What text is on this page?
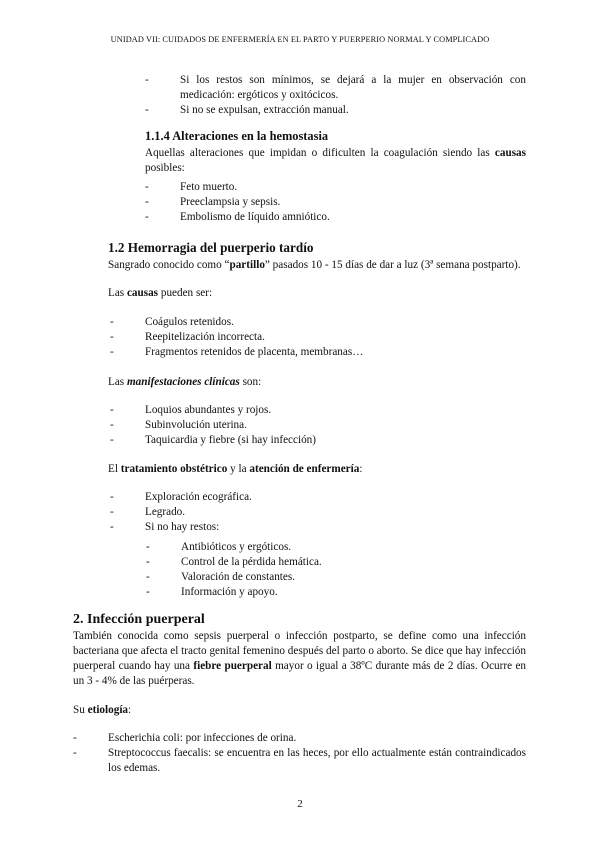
UNIDAD VII: CUIDADOS DE ENFERMERÍA EN EL PARTO Y PUERPERIO NORMAL Y COMPLICADO
-	Si los restos son mínimos, se dejará a la mujer en observación con medicación: ergóticos y oxitócicos.
-	Si no se expulsan, extracción manual.
1.1.4 Alteraciones en la hemostasia
Aquellas alteraciones que impidan o dificulten la coagulación siendo las causas posibles:
-	Feto muerto.
-	Preeclampsia y sepsis.
-	Embolismo de líquido amniótico.
1.2 Hemorragia del puerperio tardío
Sangrado conocido como “partillo” pasados 10 - 15 días de dar a luz (3ª semana postparto).
Las causas pueden ser:
-	Coágulos retenidos.
-	Reepitelización incorrecta.
-	Fragmentos retenidos de placenta, membranas…
Las manifestaciones clínicas son:
-	Loquios abundantes y rojos.
-	Subinvolución uterina.
-	Taquicardia y fiebre (si hay infección)
El tratamiento obstétrico y la atención de enfermería:
-	Exploración ecográfica.
-	Legrado.
-	Si no hay restos:
-	Antibióticos y ergóticos.
-	Control de la pérdida hemática.
-	Valoración de constantes.
-	Información y apoyo.
2. Infección puerperal
También conocida como sepsis puerperal o infección postparto, se define como una infección bacteriana que afecta el tracto genital femenino después del parto o aborto. Se dice que hay infección puerperal cuando hay una fiebre puerperal mayor o igual a 38ºC durante más de 2 días. Ocurre en un 3 - 4% de las puérperas.
Su etiología:
-	Escherichia coli: por infecciones de orina.
-	Streptococcus faecalis: se encuentra en las heces, por ello actualmente están contraindicados los edemas.
2
